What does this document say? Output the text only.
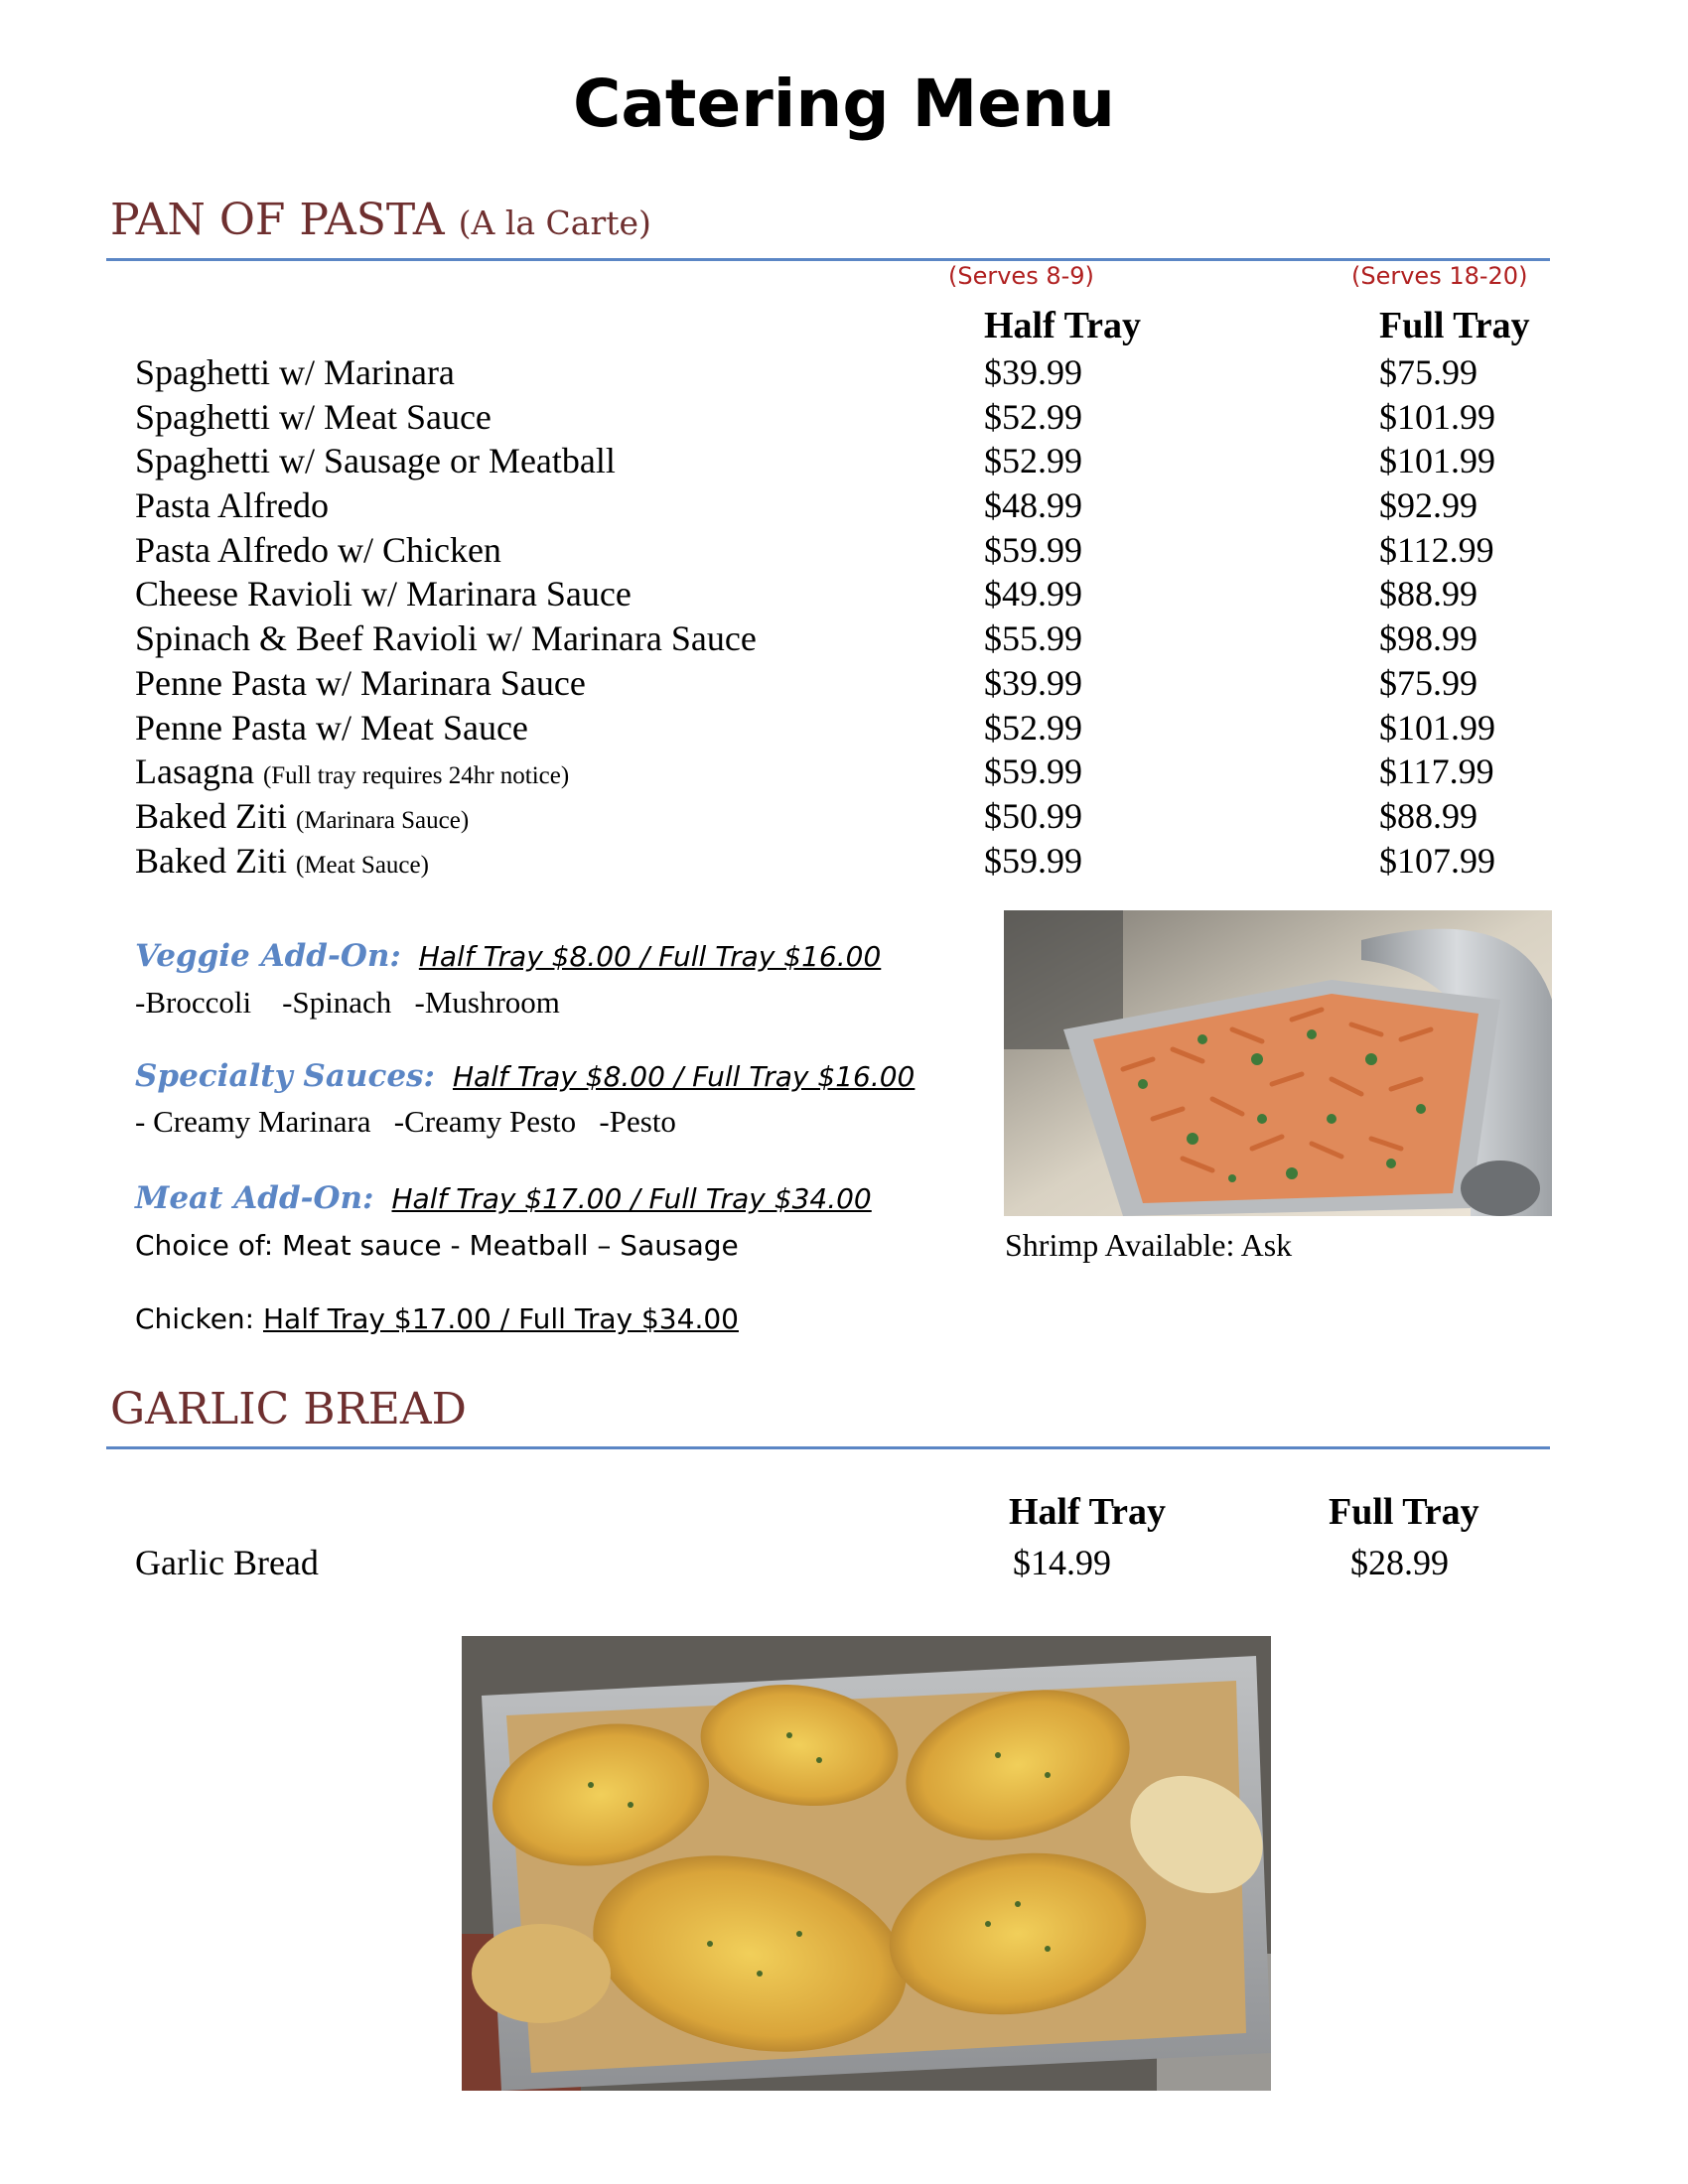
Catering Menu
PAN OF PASTA (A la Carte)
(Serves 8-9)	(Serves 18-20)
Half Tray	Full Tray
Spaghetti w/ Marinara	$39.99	$75.99
Spaghetti w/ Meat Sauce	$52.99	$101.99
Spaghetti w/ Sausage or Meatball	$52.99	$101.99
Pasta Alfredo	$48.99	$92.99
Pasta Alfredo w/ Chicken	$59.99	$112.99
Cheese Ravioli w/ Marinara Sauce	$49.99	$88.99
Spinach & Beef Ravioli w/ Marinara Sauce	$55.99	$98.99
Penne Pasta w/ Marinara Sauce	$39.99	$75.99
Penne Pasta w/ Meat Sauce	$52.99	$101.99
Lasagna (Full tray requires 24hr notice)	$59.99	$117.99
Baked Ziti (Marinara Sauce)	$50.99	$88.99
Baked Ziti (Meat Sauce)	$59.99	$107.99
Veggie Add-On: Half Tray $8.00 / Full Tray $16.00
-Broccoli    -Spinach   -Mushroom
Specialty Sauces: Half Tray $8.00 / Full Tray $16.00
- Creamy Marinara   -Creamy Pesto   -Pesto
Meat Add-On: Half Tray $17.00 / Full Tray $34.00
Choice of: Meat sauce - Meatball – Sausage
Chicken: Half Tray $17.00 / Full Tray $34.00
Shrimp Available: Ask
GARLIC BREAD
Half Tray	Full Tray
Garlic Bread	$14.99	$28.99
